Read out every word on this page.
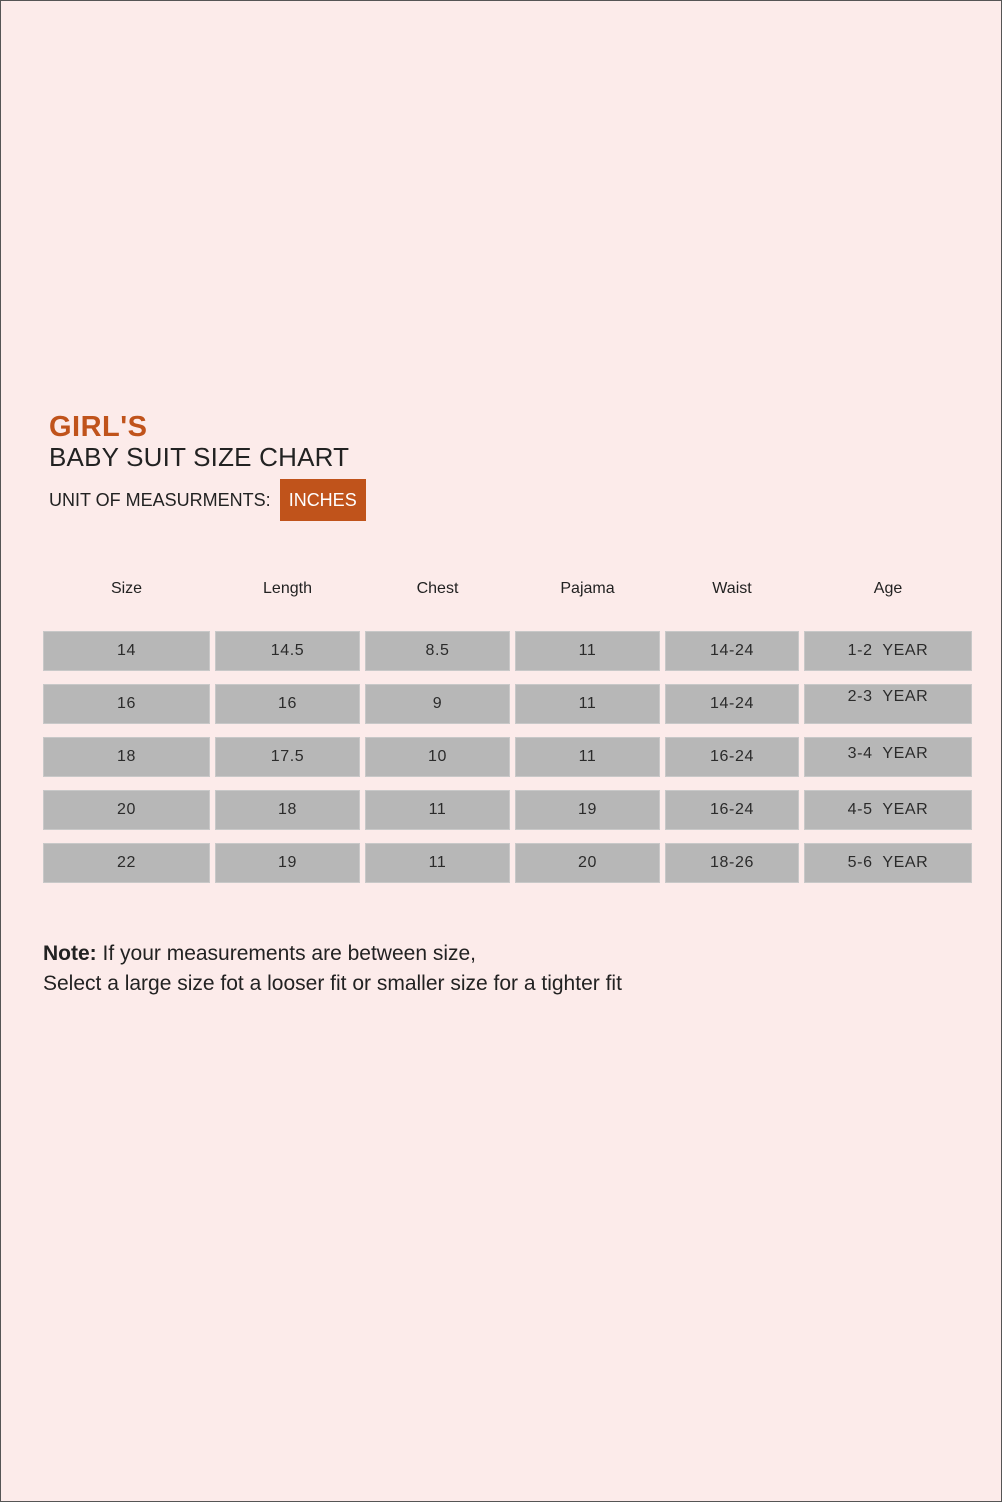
GIRL'S
BABY SUIT SIZE CHART
UNIT OF MEASURMENTS:	INCHES
Size	Length	Chest	Pajama	Waist	Age
14	14.5	8.5	11	14-24	1-2  YEAR
16	16	9	11	14-24	2-3  YEAR
18	17.5	10	11	16-24	3-4  YEAR
20	18	11	19	16-24	4-5  YEAR
22	19	11	20	18-26	5-6  YEAR
Note: If your measurements are between size,
Select a large size fot a looser fit or smaller size for a tighter fit
